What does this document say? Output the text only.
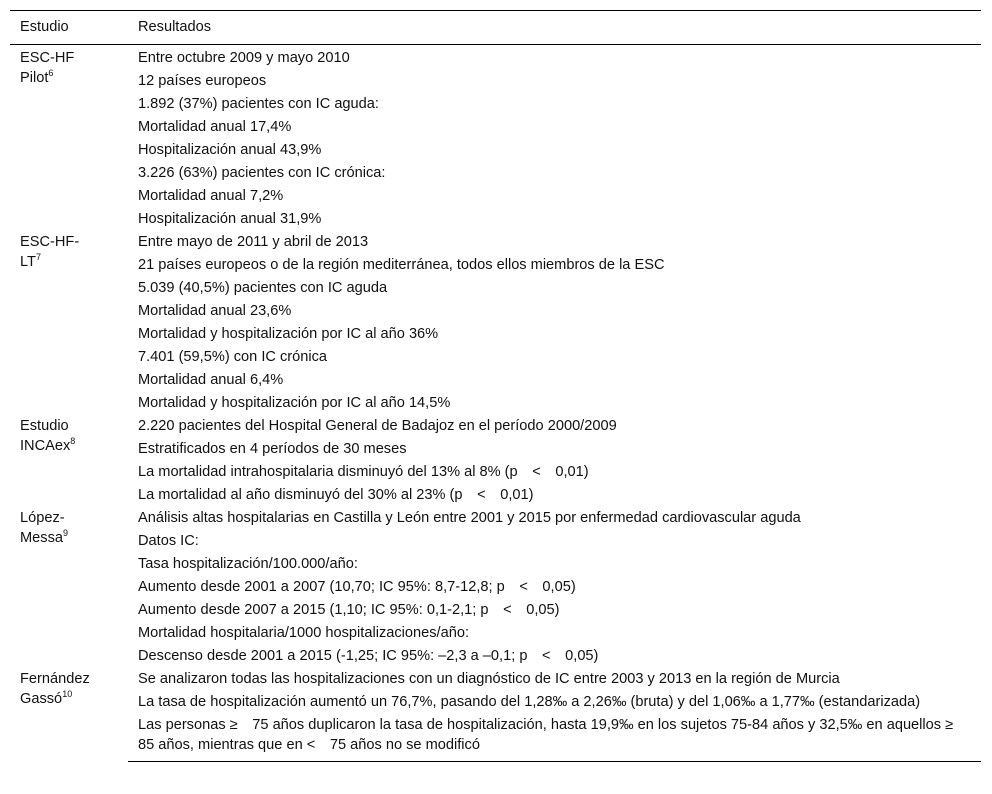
Estudio	Resultados
ESC-HF
Pilot$^6$	Entre octubre 2009 y mayo 2010
	12 países europeos
	1.892 (37%) pacientes con IC aguda:
	Mortalidad anual 17,4%
	Hospitalización anual 43,9%
	3.226 (63%) pacientes con IC crónica:
	Mortalidad anual 7,2%
	Hospitalización anual 31,9%
ESC-HF-
$LT^7$	Entre mayo de 2011 y abril de 2013
	21 países europeos o de la región mediterránea, todos ellos miembros de la ESC
	5.039 (40,5%) pacientes con IC aguda
	Mortalidad anual 23,6%
	Mortalidad y hospitalización por IC al año 36%
	7.401 (59,5%) con IC crónica
	Mortalidad anual 6,4%
	Mortalidad y hospitalización por IC al año 14,5%
Estudio
INCAex$^8$	2.220 pacientes del Hospital General de Badajoz en el período 2000/2009
	Estratificados en 4 períodos de 30 meses
	La mortalidad intrahospitalaria disminuyó del 13% al 8% (p < 0,01)
	La mortalidad al año disminuyó del 30% al 23% (p < 0,01)
López-
Messa$^9$	Análisis altas hospitalarias en Castilla y León entre 2001 y 2015 por enfermedad cardiovascular aguda
	Datos IC:
	Tasa hospitalización/100.000/año:
	Aumento desde 2001 a 2007 (10,70; IC 95%: 8,7-12,8; p < 0,05)
	Aumento desde 2007 a 2015 (1,10; IC 95%: 0,1-2,1; p < 0,05)
	Mortalidad hospitalaria/1000 hospitalizaciones/año:
	Descenso desde 2001 a 2015 (-1,25; IC 95%: –2,3 a –0,1; p < 0,05)
Fernández
Gassó$^{10}$	Se analizaron todas las hospitalizaciones con un diagnóstico de IC entre 2003 y 2013 en la región de Murcia
	La tasa de hospitalización aumentó un 76,7%, pasando del 1,28‰ a 2,26‰ (bruta) y del 1,06‰ a 1,77‰ (estandarizada)
	Las personas ≥ 75 años duplicaron la tasa de hospitalización, hasta 19,9‰ en los sujetos 75-84 años y 32,5‰ en aquellos ≥ 85 años, mientras que en < 75 años no se modificó
